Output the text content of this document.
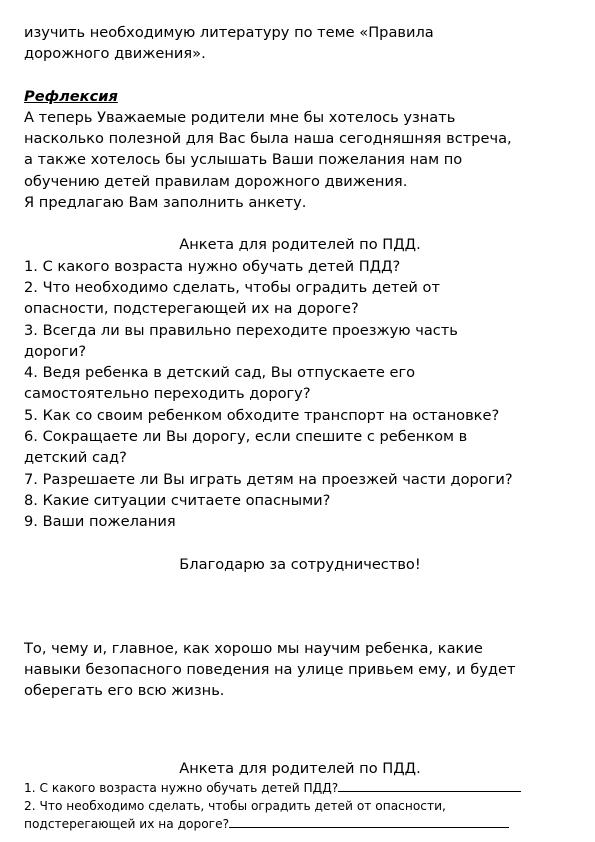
изучить необходимую литературу по теме «Правила

дорожного движения».

Рефлексия

А теперь Уважаемые родители мне бы хотелось узнать

насколько полезной для Вас была наша сегодняшняя встреча,

а также хотелось бы услышать Ваши пожелания нам по

обучению детей правилам дорожного движения.

Я предлагаю Вам заполнить анкету.

Анкета для родителей по ПДД.

1. С какого возраста нужно обучать детей ПДД?

2. Что необходимо сделать, чтобы оградить детей от

опасности, подстерегающей их на дороге?

3. Всегда ли вы правильно переходите проезжую часть

дороги?

4. Ведя ребенка в детский сад, Вы отпускаете его

самостоятельно переходить дорогу?

5. Как со своим ребенком обходите транспорт на остановке?

6. Сокращаете ли Вы дорогу, если спешите с ребенком в

детский сад?

7. Разрешаете ли Вы играть детям на проезжей части дороги?

8. Какие ситуации считаете опасными?

9. Ваши пожелания

Благодарю за сотрудничество!

То, чему и, главное, как хорошо мы научим ребенка, какие

навыки безопасного поведения на улице привьем ему, и будет

оберегать его всю жизнь.

Анкета для родителей по ПДД.

1. С какого возраста нужно обучать детей ПДД?

2. Что необходимо сделать, чтобы оградить детей от опасности,

подстерегающей их на дороге?
